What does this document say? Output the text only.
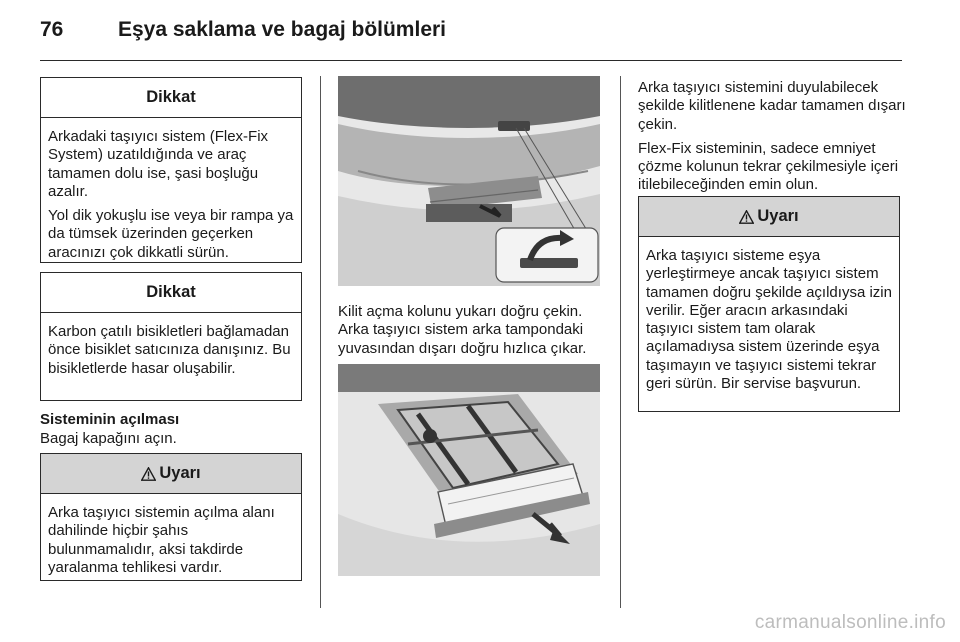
76	Eşya saklama ve bagaj bölümleri
Dikkat

Arkadaki taşıyıcı sistem (Flex-Fix System) uzatıldığında ve araç tamamen dolu ise, şasi boşluğu azalır.

Yol dik yokuşlu ise veya bir rampa ya da tümsek üzerinden geçerken aracınızı çok dikkatli sürün.

Dikkat

Karbon çatılı bisikletleri bağlamadan önce bisiklet satıcınıza danışınız. Bu bisikletlerde hasar oluşabilir.

Sisteminin açılması
Bagaj kapağını açın.
Uyarı

Arka taşıyıcı sistemin açılma alanı dahilinde hiçbir şahıs bulunmamalıdır, aksi takdirde yaralanma tehlikesi vardır.

Kilit açma kolunu yukarı doğru çekin. Arka taşıyıcı sistem arka tampondaki yuvasından dışarı doğru hızlıca çıkar.

Arka taşıyıcı sistemini duyulabilecek şekilde kilitlenene kadar tamamen dışarı çekin.

Flex-Fix sisteminin, sadece emniyet çözme kolunun tekrar çekilmesiyle içeri itilebileceğinden emin olun.

Uyarı

Arka taşıyıcı sisteme eşya yerleştirmeye ancak taşıyıcı sistem tamamen doğru şekilde açıldıysa izin verilir. Eğer aracın arkasındaki taşıyıcı sistem tam olarak açılamadıysa sistem üzerinde eşya taşımayın ve taşıyıcı sistemi tekrar geri sürün. Bir servise başvurun.

carmanualsonline.info
